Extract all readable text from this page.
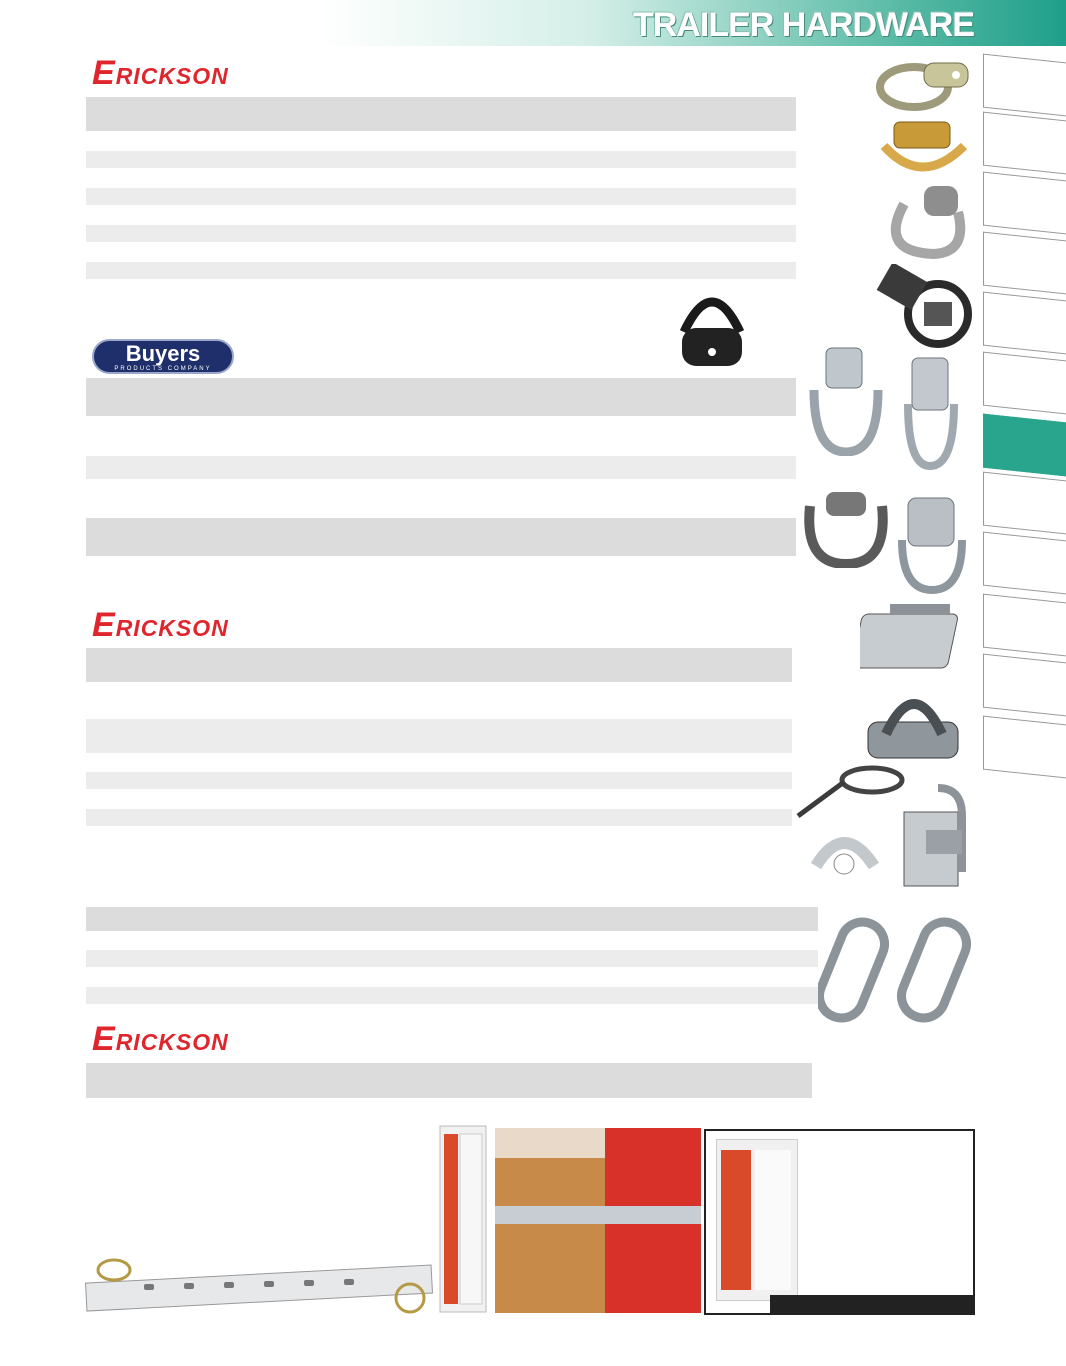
TRAILER HARDWARE
ERICKSON
Buyers
PRODUCTS COMPANY
ERICKSON
ERICKSON
